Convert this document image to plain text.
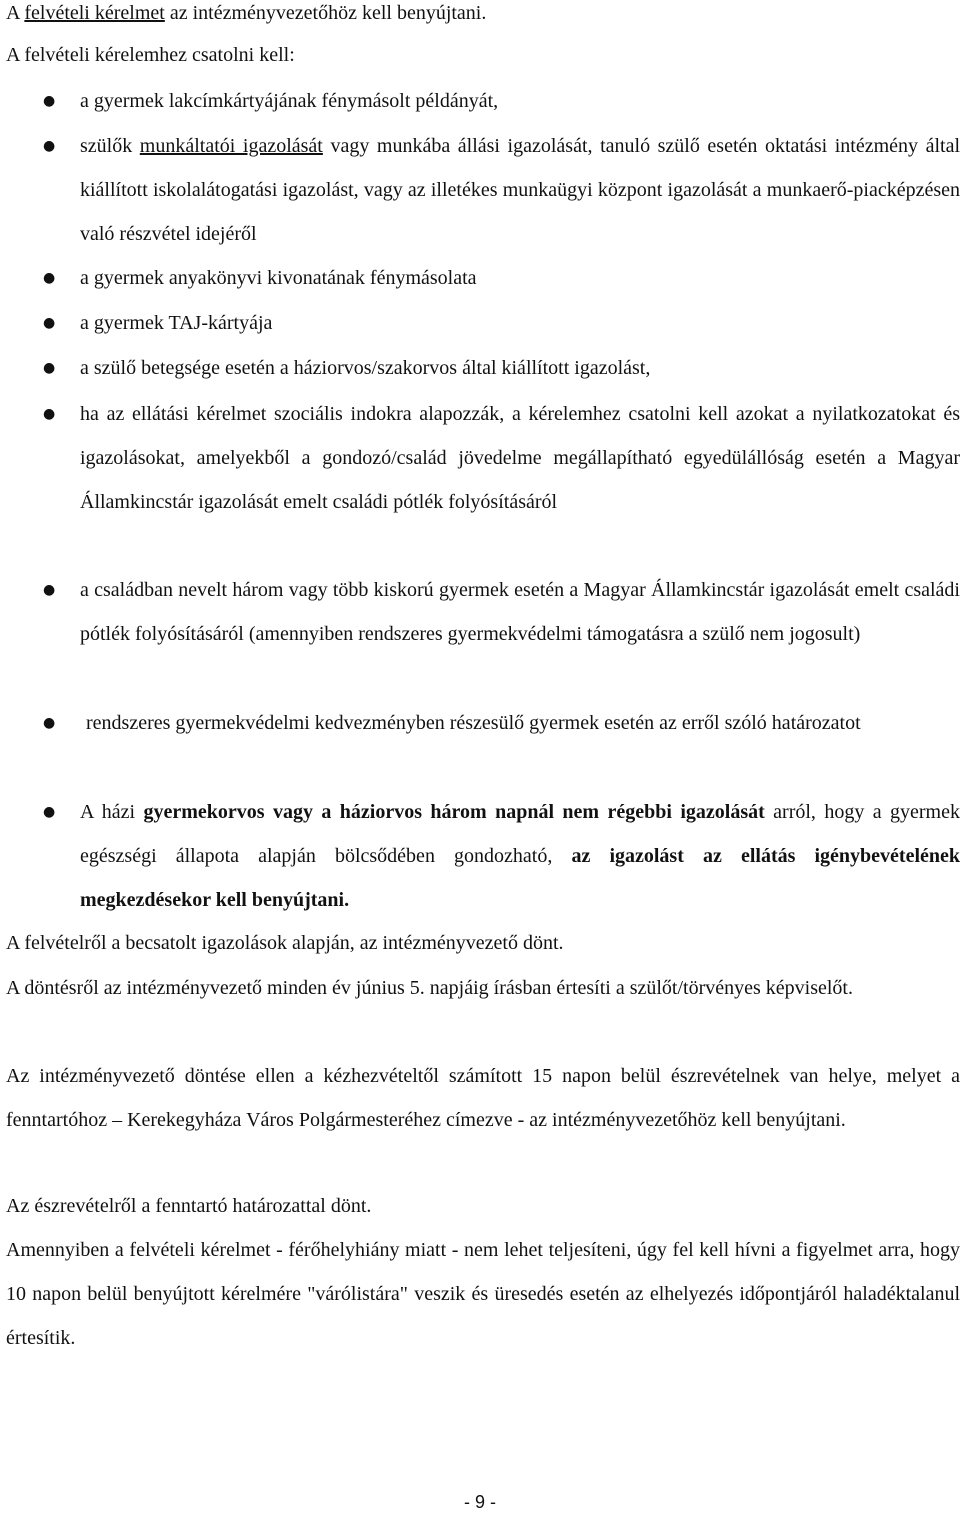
A felvételi kérelmet az intézményvezetőhöz kell benyújtani.
A felvételi kérelemhez csatolni kell:
●	a gyermek lakcímkártyájának fénymásolt példányát,
●	szülők munkáltatói igazolását vagy munkába állási igazolását, tanuló szülő esetén oktatási intézmény által kiállított iskolalátogatási igazolást, vagy az illetékes munkaügyi központ igazolását a munkaerő-piacképzésen való részvétel idejéről
●	a gyermek anyakönyvi kivonatának fénymásolata
●	a gyermek TAJ-kártyája
●	a szülő betegsége esetén a háziorvos/szakorvos által kiállított igazolást,
●	ha az ellátási kérelmet szociális indokra alapozzák, a kérelemhez csatolni kell azokat a nyilatkozatokat és igazolásokat, amelyekből a gondozó/család jövedelme megállapítható egyedülállóság esetén a Magyar Államkincstár igazolását emelt családi pótlék folyósításáról
●	a családban nevelt három vagy több kiskorú gyermek esetén a Magyar Államkincstár igazolását emelt családi pótlék folyósításáról (amennyiben rendszeres gyermekvédelmi támogatásra a szülő nem jogosult)
●	rendszeres gyermekvédelmi kedvezményben részesülő gyermek esetén az erről szóló határozatot
●	A házi gyermekorvos vagy a háziorvos három napnál nem régebbi igazolását arról, hogy a gyermek egészségi állapota alapján bölcsődében gondozható, az igazolást az ellátás igénybevételének megkezdésekor kell benyújtani.
A felvételről a becsatolt igazolások alapján, az intézményvezető dönt.
A döntésről az intézményvezető minden év június 5. napjáig írásban értesíti a szülőt/törvényes képviselőt.
Az intézményvezető döntése ellen a kézhezvételtől számított 15 napon belül észrevételnek van helye, melyet a fenntartóhoz – Kerekegyháza Város Polgármesteréhez címezve - az intézményvezetőhöz kell benyújtani.
Az észrevételről a fenntartó határozattal dönt.
Amennyiben a felvételi kérelmet - férőhelyhiány miatt - nem lehet teljesíteni, úgy fel kell hívni a figyelmet arra, hogy 10 napon belül benyújtott kérelmére "várólistára" veszik és üresedés esetén az elhelyezés időpontjáról haladéktalanul értesítik.
- 9 -
